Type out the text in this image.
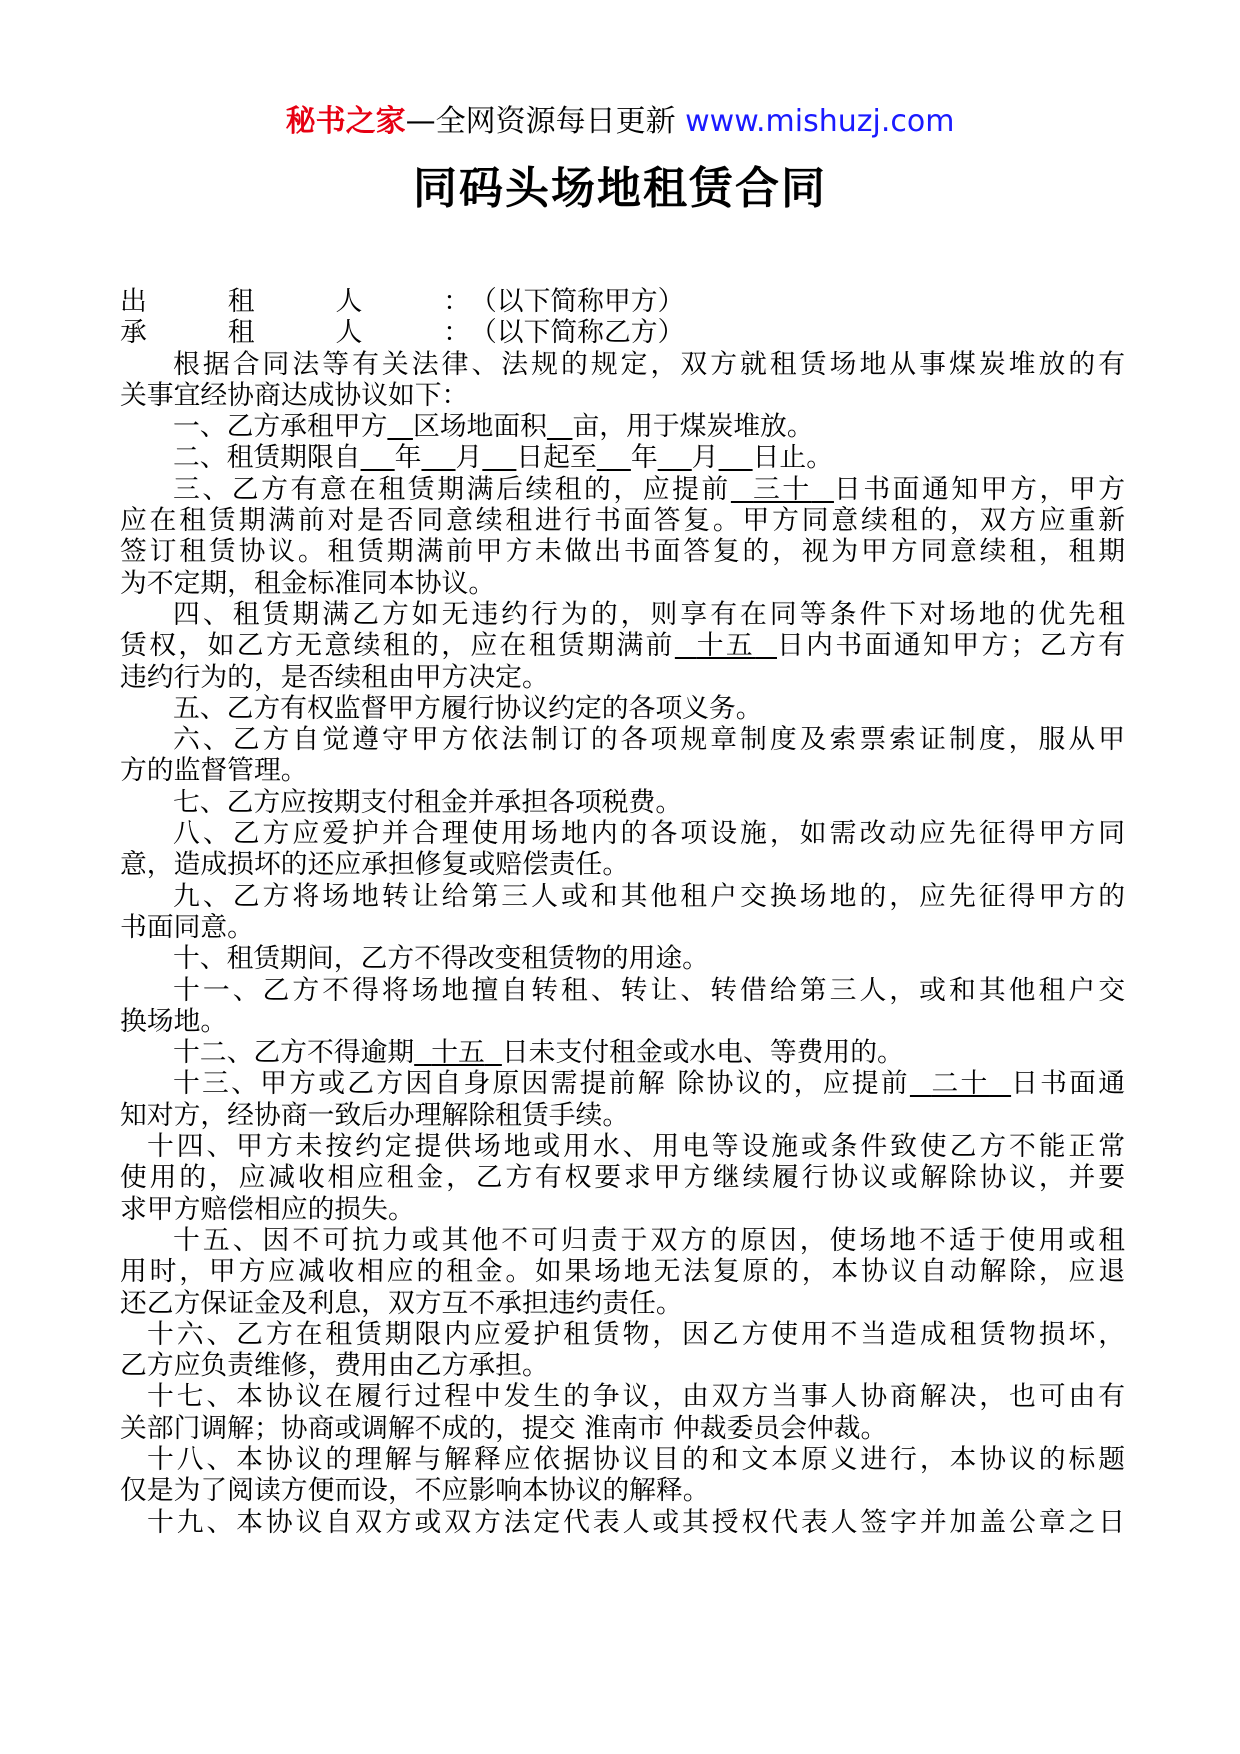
秘书之家—全网资源每日更新 www.mishuzj.com
同码头场地租赁合同
出租人： （以下简称甲方）
承租人： （以下简称乙方）
根据合同法等有关法律、法规的规定，双方就租赁场地从事煤炭堆放的有
关事宜经协商达成协议如下：
一、乙方承租甲方 区场地面积 亩，用于煤炭堆放。
二、租赁期限自 年 月 日起至 年 月 日止。
三、乙方有意在租赁期满后续租的，应提前 三十 日书面通知甲方，甲方
应在租赁期满前对是否同意续租进行书面答复。甲方同意续租的，双方应重新
签订租赁协议。租赁期满前甲方未做出书面答复的，视为甲方同意续租，租期
为不定期，租金标准同本协议。
四、租赁期满乙方如无违约行为的，则享有在同等条件下对场地的优先租
赁权，如乙方无意续租的，应在租赁期满前 十五 日内书面通知甲方；乙方有
违约行为的，是否续租由甲方决定。
五、乙方有权监督甲方履行协议约定的各项义务。
六、乙方自觉遵守甲方依法制订的各项规章制度及索票索证制度，服从甲
方的监督管理。
七、乙方应按期支付租金并承担各项税费。
八、乙方应爱护并合理使用场地内的各项设施，如需改动应先征得甲方同
意，造成损坏的还应承担修复或赔偿责任。
九、乙方将场地转让给第三人或和其他租户交换场地的，应先征得甲方的
书面同意。
十、租赁期间，乙方不得改变租赁物的用途。
十一、乙方不得将场地擅自转租、转让、转借给第三人，或和其他租户交
换场地。
十二、乙方不得逾期 十五 日未支付租金或水电、等费用的。
十三、甲方或乙方因自身原因需提前解 除协议的，应提前 二十 日书面通
知对方，经协商一致后办理解除租赁手续。
十四、甲方未按约定提供场地或用水、用电等设施或条件致使乙方不能正常
使用的，应减收相应租金，乙方有权要求甲方继续履行协议或解除协议，并要
求甲方赔偿相应的损失。
十五、因不可抗力或其他不可归责于双方的原因，使场地不适于使用或租
用时，甲方应减收相应的租金。如果场地无法复原的，本协议自动解除，应退
还乙方保证金及利息，双方互不承担违约责任。
十六、乙方在租赁期限内应爱护租赁物，因乙方使用不当造成租赁物损坏，
乙方应负责维修，费用由乙方承担。
十七、本协议在履行过程中发生的争议，由双方当事人协商解决，也可由有
关部门调解；协商或调解不成的，提交 淮南市 仲裁委员会仲裁。
十八、本协议的理解与解释应依据协议目的和文本原义进行，本协议的标题
仅是为了阅读方便而设，不应影响本协议的解释。
十九、本协议自双方或双方法定代表人或其授权代表人签字并加盖公章之日
